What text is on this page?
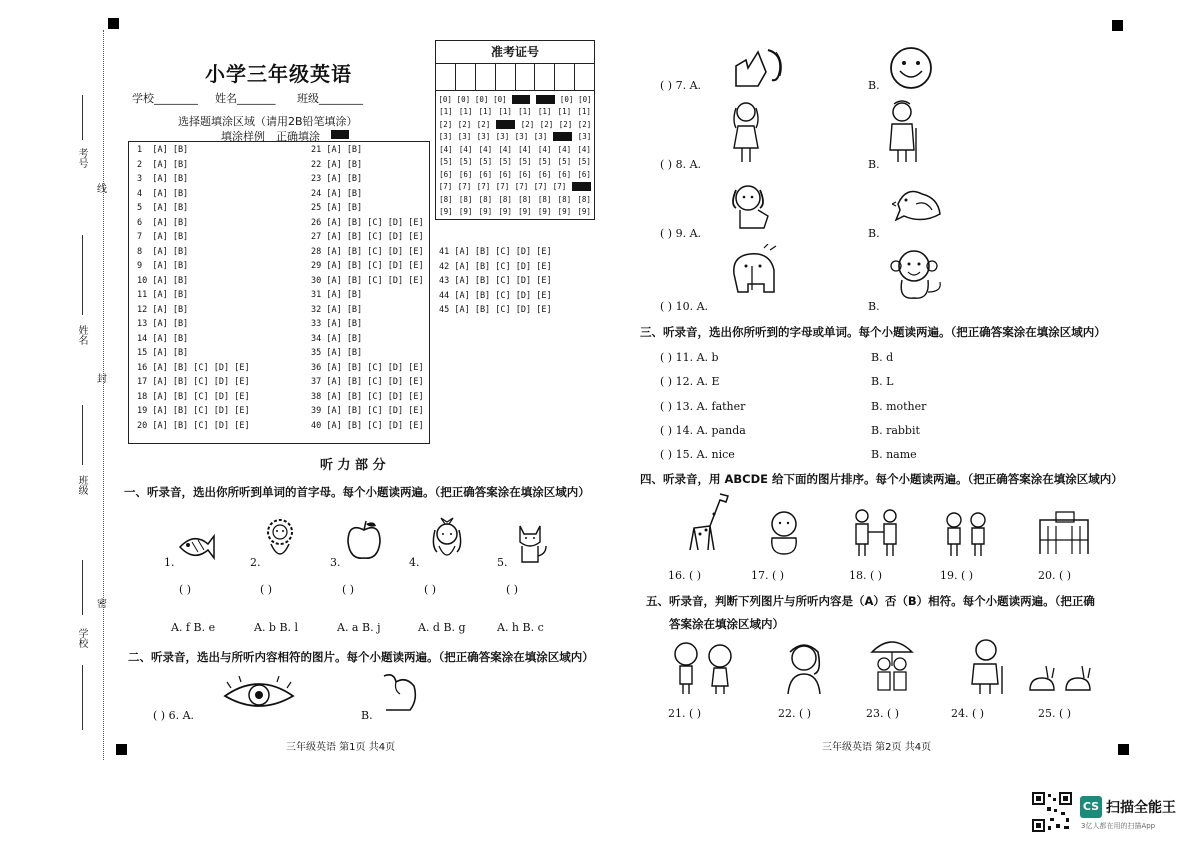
考号
线
姓名
封
班级
密
学校
小学三年级英语
学校________ 姓名_______ 班级________
选择题填涂区域（请用2B铅笔填涂）
填涂样例 正确填涂
1  [A] [B]                        21 [A] [B]
2  [A] [B]                        22 [A] [B]
3  [A] [B]                        23 [A] [B]
4  [A] [B]                        24 [A] [B]
5  [A] [B]                        25 [A] [B]
6  [A] [B]                        26 [A] [B] [C] [D] [E]
7  [A] [B]                        27 [A] [B] [C] [D] [E]
8  [A] [B]                        28 [A] [B] [C] [D] [E]
9  [A] [B]                        29 [A] [B] [C] [D] [E]
10 [A] [B]                        30 [A] [B] [C] [D] [E]
11 [A] [B]                        31 [A] [B]
12 [A] [B]                        32 [A] [B]
13 [A] [B]                        33 [A] [B]
14 [A] [B]                        34 [A] [B]
15 [A] [B]                        35 [A] [B]
16 [A] [B] [C] [D] [E]            36 [A] [B] [C] [D] [E]
17 [A] [B] [C] [D] [E]            37 [A] [B] [C] [D] [E]
18 [A] [B] [C] [D] [E]            38 [A] [B] [C] [D] [E]
19 [A] [B] [C] [D] [E]            39 [A] [B] [C] [D] [E]
20 [A] [B] [C] [D] [E]            40 [A] [B] [C] [D] [E]
41 [A] [B] [C] [D] [E]
42 [A] [B] [C] [D] [E]
43 [A] [B] [C] [D] [E]
44 [A] [B] [C] [D] [E]
45 [A] [B] [C] [D] [E]
准考证号
[0] [0] [0] [0]	[0]	[0]	[0] [0]
[1] [1] [1] [1] [1] [1] [1] [1]
[2] [2] [2]	[2]	[2] [2] [2] [2]
[3] [3] [3] [3] [3] [3]	[3]	[3]
[4] [4] [4] [4] [4] [4] [4] [4]
[5] [5] [5] [5] [5] [5] [5] [5]
[6] [6] [6] [6] [6] [6] [6] [6]
[7] [7] [7] [7] [7] [7] [7]	[7]
[8] [8] [8] [8] [8] [8] [8] [8]
[9] [9] [9] [9] [9] [9] [9] [9]
听 力 部 分
一、听录音，选出你所听到单词的首字母。每个小题读两遍。（把正确答案涂在填涂区域内）
1.	2.	3.	4.	5.
( )	( )	( )	( )	( )
A. f B. e	A. b B. l	A. a B. j	A. d B. g	A. h B. c
二、听录音，选出与所听内容相符的图片。每个小题读两遍。（把正确答案涂在填涂区域内）
( ) 6. A.	B.
三年级英语 第1页 共4页
( ) 7. A.	B.
( ) 8. A.	B.
( ) 9. A.	B.
( ) 10. A.	B.
三、听录音，选出你所听到的字母或单词。每个小题读两遍。（把正确答案涂在填涂区域内）
( ) 11. A. b	B. d
( ) 12. A. E	B. L
( ) 13. A. father	B. mother
( ) 14. A. panda	B. rabbit
( ) 15. A. nice	B. name
四、听录音，用 ABCDE 给下面的图片排序。每个小题读两遍。（把正确答案涂在填涂区域内）
16. ( )	17. ( )	18. ( )	19. ( )	20. ( )
五、听录音，判断下列图片与所听内容是（A）否（B）相符。每个小题读两遍。（把正确
答案涂在填涂区域内）
21. ( )	22. ( )	23. ( )	24. ( )	25. ( )
三年级英语 第2页 共4页
CS 扫描全能王
3亿人都在用的扫描App
